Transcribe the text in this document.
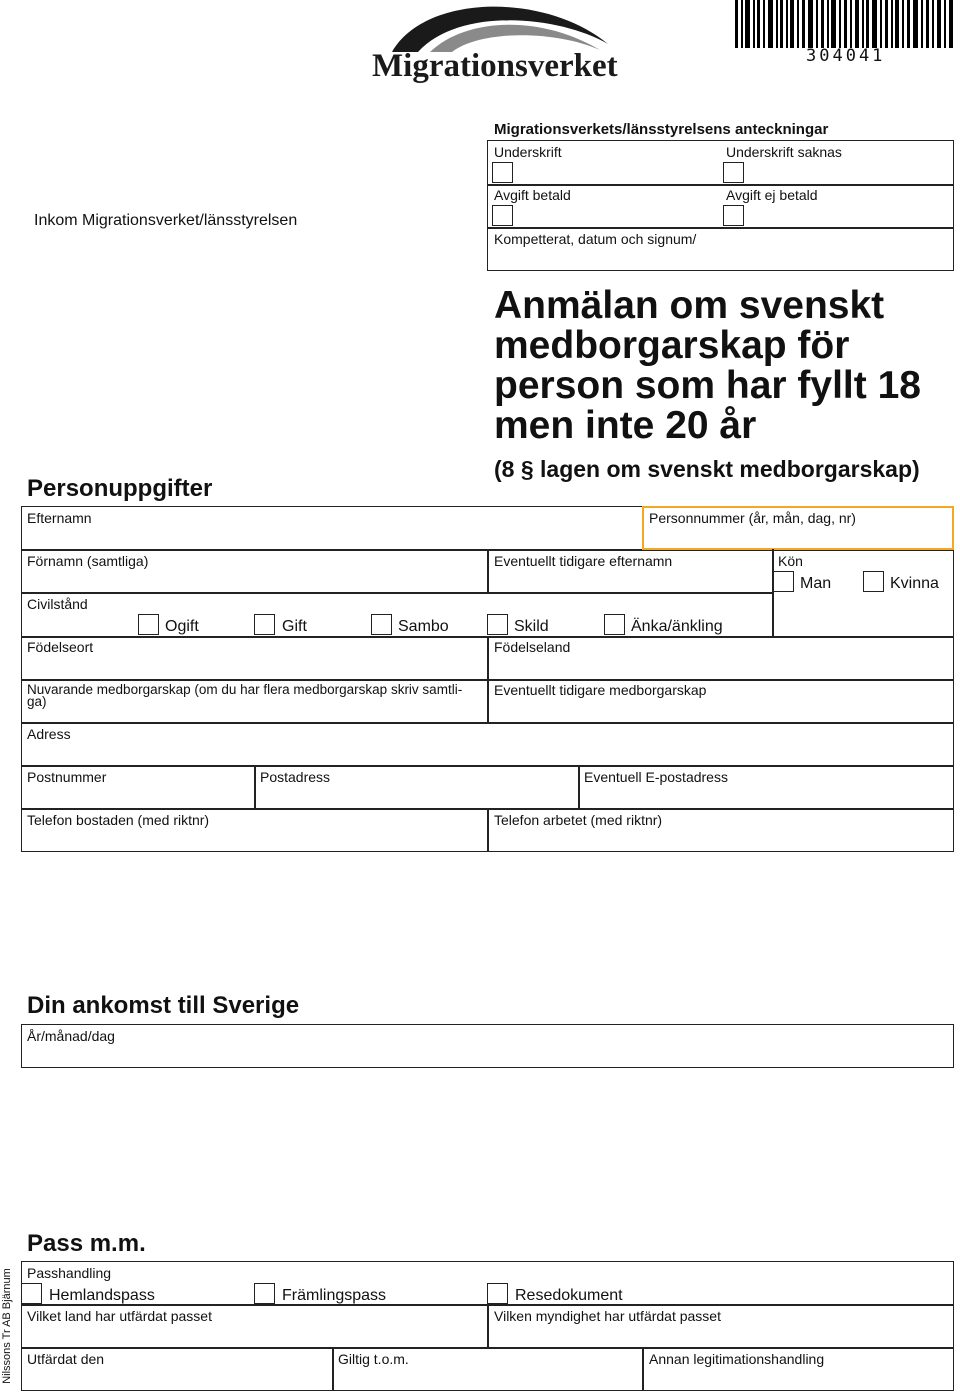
Migrationsverket	304041
Inkom Migrationsverket/länsstyrelsen
Migrationsverkets/länsstyrelsens anteckningar
Underskrift	Underskrift saknas
Avgift betald	Avgift ej betald
Kompetterat, datum och signum/
Anmälan om svenskt
medborgarskap för
person som har fyllt 18
men inte 20 år
(8 § lagen om svenskt medborgarskap)
Personuppgifter
Efternamn	Personnummer (år, mån, dag, nr)
Förnamn (samtliga)	Eventuellt tidigare efternamn	Kön
Man	Kvinna
Civilstånd
Ogift	Gift	Sambo	Skild	Änka/änkling
Födelseort	Födelseland
Nuvarande medborgarskap (om du har flera medborgarskap skriv samtli-
ga)
Eventuellt tidigare medborgarskap
Adress
Postnummer	Postadress	Eventuell E-postadress
Telefon bostaden (med riktnr)	Telefon arbetet (med riktnr)
Din ankomst till Sverige
År/månad/dag
Pass m.m.
Passhandling
Hemlandspass	Främlingspass	Resedokument
Vilket land har utfärdat passet	Vilken myndighet har utfärdat passet
Utfärdat den	Giltig t.o.m.	Annan legitimationshandling
Nilssons Tr AB Bjärnum
